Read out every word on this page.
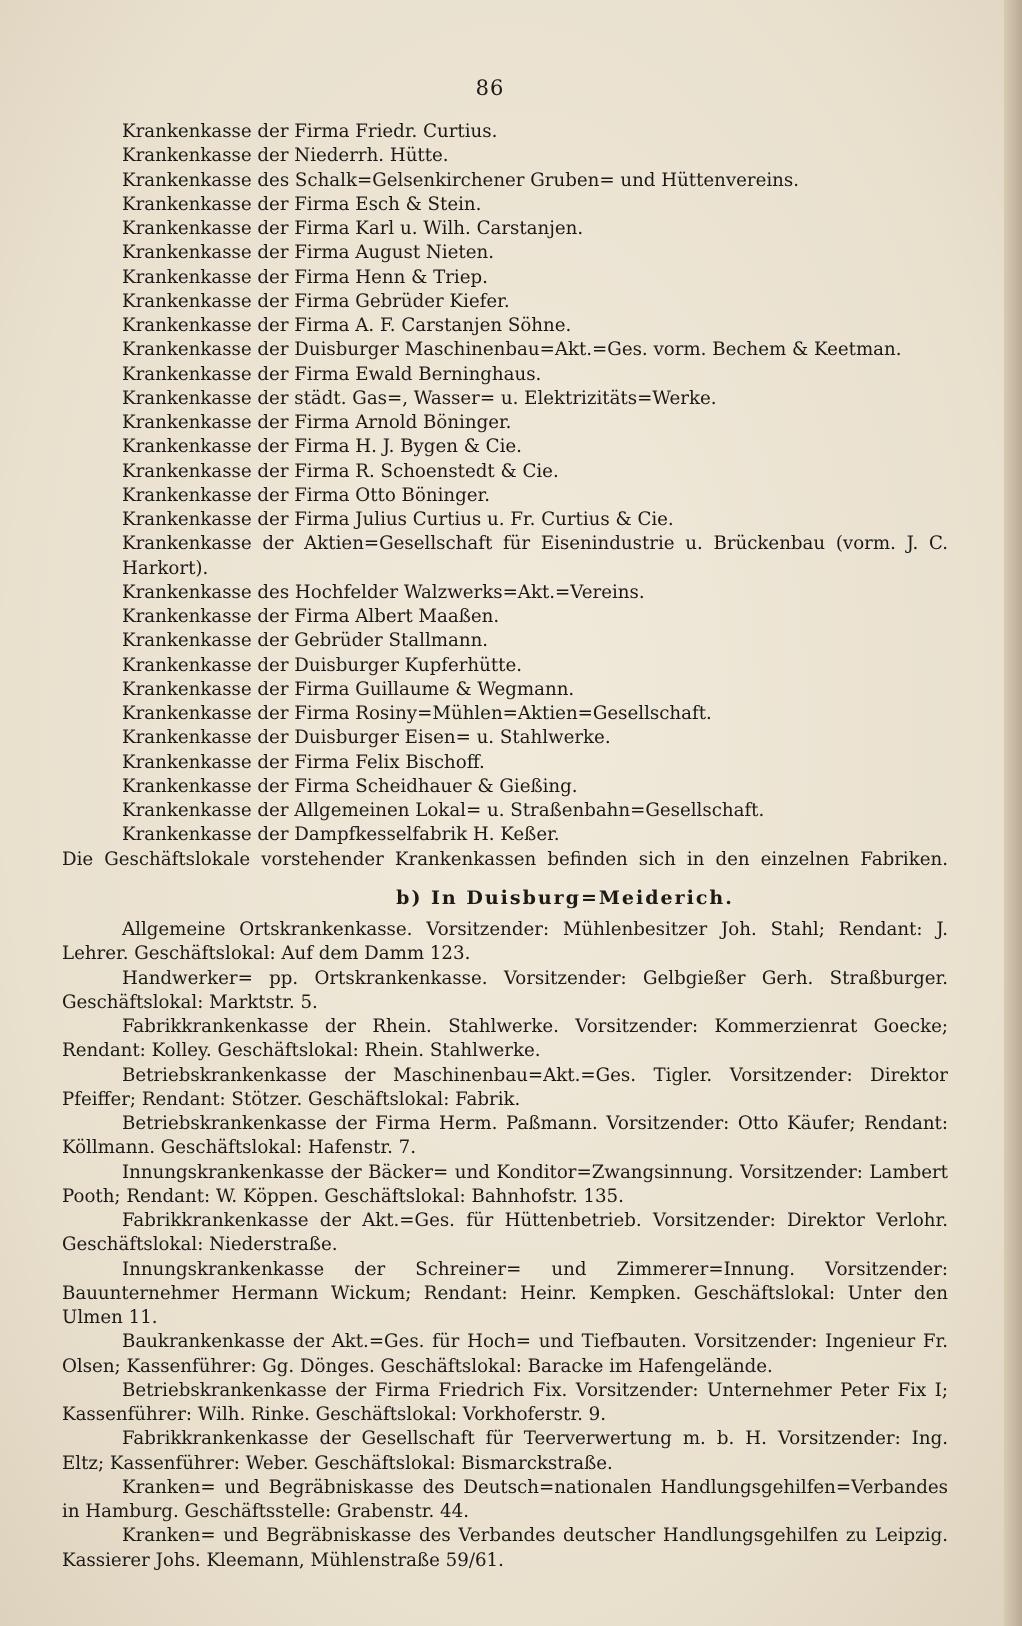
86
Krankenkasse der Firma Friedr. Curtius.
Krankenkasse der Niederrh. Hütte.
Krankenkasse des Schalk=Gelsenkirchener Gruben= und Hüttenvereins.
Krankenkasse der Firma Esch & Stein.
Krankenkasse der Firma Karl u. Wilh. Carstanjen.
Krankenkasse der Firma August Nieten.
Krankenkasse der Firma Henn & Triep.
Krankenkasse der Firma Gebrüder Kiefer.
Krankenkasse der Firma A. F. Carstanjen Söhne.
Krankenkasse der Duisburger Maschinenbau=Akt.=Ges. vorm. Bechem & Keetman.
Krankenkasse der Firma Ewald Berninghaus.
Krankenkasse der städt. Gas=, Wasser= u. Elektrizitäts=Werke.
Krankenkasse der Firma Arnold Böninger.
Krankenkasse der Firma H. J. Bygen & Cie.
Krankenkasse der Firma R. Schoenstedt & Cie.
Krankenkasse der Firma Otto Böninger.
Krankenkasse der Firma Julius Curtius u. Fr. Curtius & Cie.
Krankenkasse der Aktien=Gesellschaft für Eisenindustrie u. Brückenbau (vorm. J. C. Harkort).
Krankenkasse des Hochfelder Walzwerks=Akt.=Vereins.
Krankenkasse der Firma Albert Maaßen.
Krankenkasse der Gebrüder Stallmann.
Krankenkasse der Duisburger Kupferhütte.
Krankenkasse der Firma Guillaume & Wegmann.
Krankenkasse der Firma Rosiny=Mühlen=Aktien=Gesellschaft.
Krankenkasse der Duisburger Eisen= u. Stahlwerke.
Krankenkasse der Firma Felix Bischoff.
Krankenkasse der Firma Scheidhauer & Gießing.
Krankenkasse der Allgemeinen Lokal= u. Straßenbahn=Gesellschaft.
Krankenkasse der Dampfkesselfabrik H. Keßer.
Die Geschäftslokale vorstehender Krankenkassen befinden sich in den einzelnen Fabriken.
b) In Duisburg=Meiderich.
Allgemeine Ortskrankenkasse. Vorsitzender: Mühlenbesitzer Joh. Stahl; Rendant: J. Lehrer. Geschäftslokal: Auf dem Damm 123.
Handwerker= pp. Ortskrankenkasse. Vorsitzender: Gelbgießer Gerh. Straßburger. Geschäftslokal: Marktstr. 5.
Fabrikkrankenkasse der Rhein. Stahlwerke. Vorsitzender: Kommerzienrat Goecke; Rendant: Kolley. Geschäftslokal: Rhein. Stahlwerke.
Betriebskrankenkasse der Maschinenbau=Akt.=Ges. Tigler. Vorsitzender: Direktor Pfeiffer; Rendant: Stötzer. Geschäftslokal: Fabrik.
Betriebskrankenkasse der Firma Herm. Paßmann. Vorsitzender: Otto Käufer; Rendant: Köllmann. Geschäftslokal: Hafenstr. 7.
Innungskrankenkasse der Bäcker= und Konditor=Zwangsinnung. Vorsitzender: Lambert Pooth; Rendant: W. Köppen. Geschäftslokal: Bahnhofstr. 135.
Fabrikkrankenkasse der Akt.=Ges. für Hüttenbetrieb. Vorsitzender: Direktor Verlohr. Geschäftslokal: Niederstraße.
Innungskrankenkasse der Schreiner= und Zimmerer=Innung. Vorsitzender: Bauunternehmer Hermann Wickum; Rendant: Heinr. Kempken. Geschäftslokal: Unter den Ulmen 11.
Baukrankenkasse der Akt.=Ges. für Hoch= und Tiefbauten. Vorsitzender: Ingenieur Fr. Olsen; Kassenführer: Gg. Dönges. Geschäftslokal: Baracke im Hafengelände.
Betriebskrankenkasse der Firma Friedrich Fix. Vorsitzender: Unternehmer Peter Fix I; Kassenführer: Wilh. Rinke. Geschäftslokal: Vorkhoferstr. 9.
Fabrikkrankenkasse der Gesellschaft für Teerverwertung m. b. H. Vorsitzender: Ing. Eltz; Kassenführer: Weber. Geschäftslokal: Bismarckstraße.
Kranken= und Begräbniskasse des Deutsch=nationalen Handlungsgehilfen=Verbandes in Hamburg. Geschäftsstelle: Grabenstr. 44.
Kranken= und Begräbniskasse des Verbandes deutscher Handlungsgehilfen zu Leipzig. Kassierer Johs. Kleemann, Mühlenstraße 59/61.
